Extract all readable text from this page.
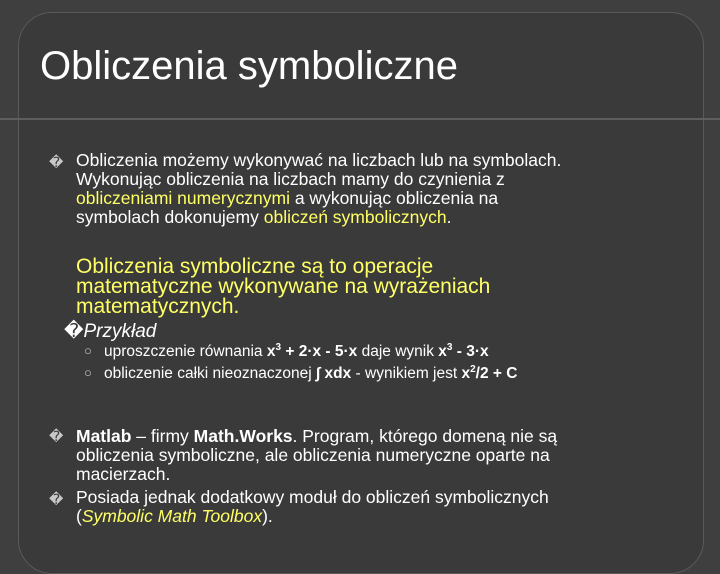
Obliczenia symboliczne
� Obliczenia możemy wykonywać na liczbach lub na symbolach.
Wykonując obliczenia na liczbach mamy do czynienia z
obliczeniami numerycznymi a wykonując obliczenia na
symbolach dokonujemy obliczeń symbolicznych.
Obliczenia symboliczne są to operacje
matematyczne wykonywane na wyrażeniach
matematycznych.
�Przykład
○ uproszczenie równania $x^3 + 2\cdot x - 5\cdot x$ daje wynik $x^3 - 3\cdot x$
○ obliczenie całki nieoznaczonej ∫ xdx - wynikiem jest $x^2/2 + C$
� Matlab – firmy Math.Works. Program, którego domeną nie są
obliczenia symboliczne, ale obliczenia numeryczne oparte na
macierzach.
� Posiada jednak dodatkowy moduł do obliczeń symbolicznych
(Symbolic Math Toolbox).
